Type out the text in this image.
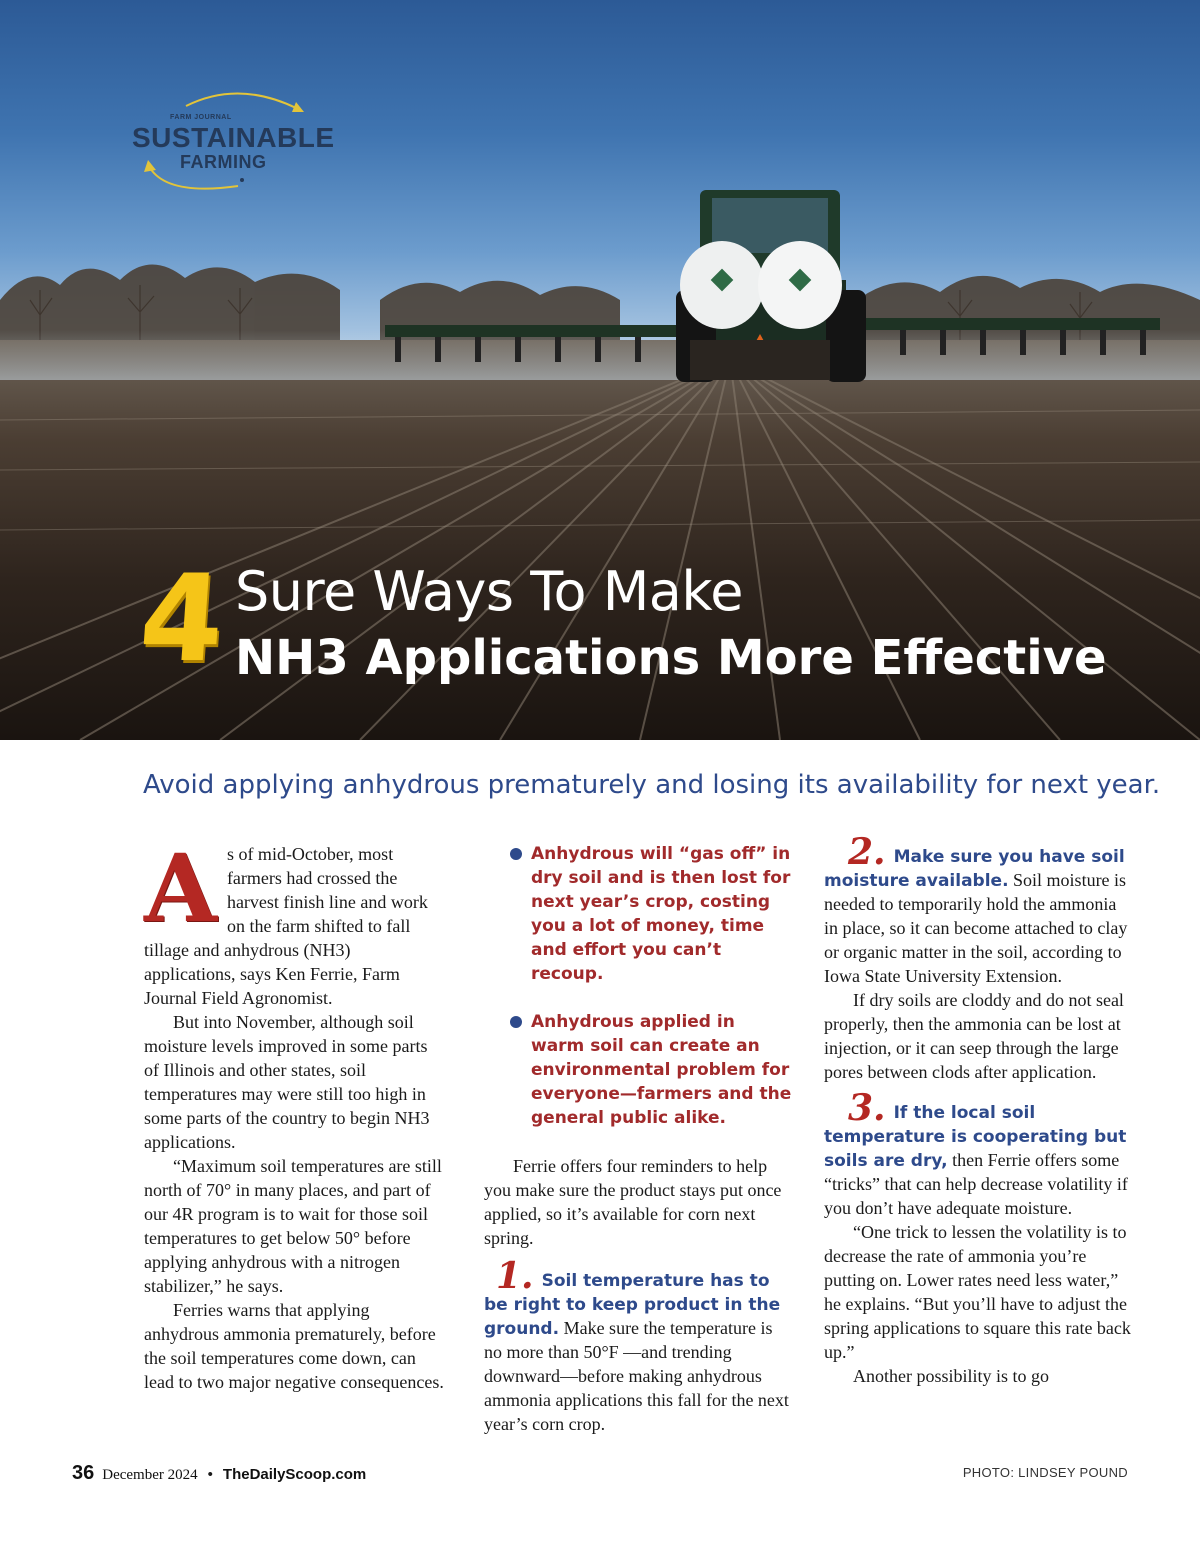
FARM JOURNAL
SUSTAINABLE
FARMING
4 Sure Ways To Make
NH3 Applications More Effective
Avoid applying anhydrous prematurely and losing its availability for next year.

As of mid-October, most farmers had crossed the harvest finish line and work on the farm shifted to fall tillage and anhydrous (NH3) applications, says Ken Ferrie, Farm Journal Field Agronomist.

But into November, although soil moisture levels improved in some parts of Illinois and other states, soil temperatures may were still too high in some parts of the country to begin NH3 applications.

“Maximum soil temperatures are still north of 70° in many places, and part of our 4R program is to wait for those soil temperatures to get below 50° before applying anhydrous with a nitrogen stabilizer,” he says.

Ferries warns that applying anhydrous ammonia prematurely, before the soil temperatures come down, can lead to two major negative consequences.

Anhydrous will “gas off” in dry soil and is then lost for next year’s crop, costing you a lot of money, time and effort you can’t recoup.

Anhydrous applied in warm soil can create an environmental problem for everyone—farmers and the general public alike.

Ferrie offers four reminders to help you make sure the product stays put once applied, so it’s available for corn next spring.

1. Soil temperature has to be right to keep product in the ground. Make sure the temperature is no more than 50°F —and trending downward—before making anhydrous ammonia applications this fall for the next year’s corn crop.

2. Make sure you have soil moisture available. Soil moisture is needed to temporarily hold the ammonia in place, so it can become attached to clay or organic matter in the soil, according to Iowa State University Extension.

If dry soils are cloddy and do not seal properly, then the ammonia can be lost at injection, or it can seep through the large pores between clods after application.

3. If the local soil temperature is cooperating but soils are dry, then Ferrie offers some “tricks” that can help decrease volatility if you don’t have adequate moisture.

“One trick to lessen the volatility is to decrease the rate of ammonia you’re putting on. Lower rates need less water,” he explains. “But you’ll have to adjust the spring applications to square this rate back up.”

Another possibility is to go

36 December 2024 • TheDailyScoop.com	PHOTO: LINDSEY POUND
